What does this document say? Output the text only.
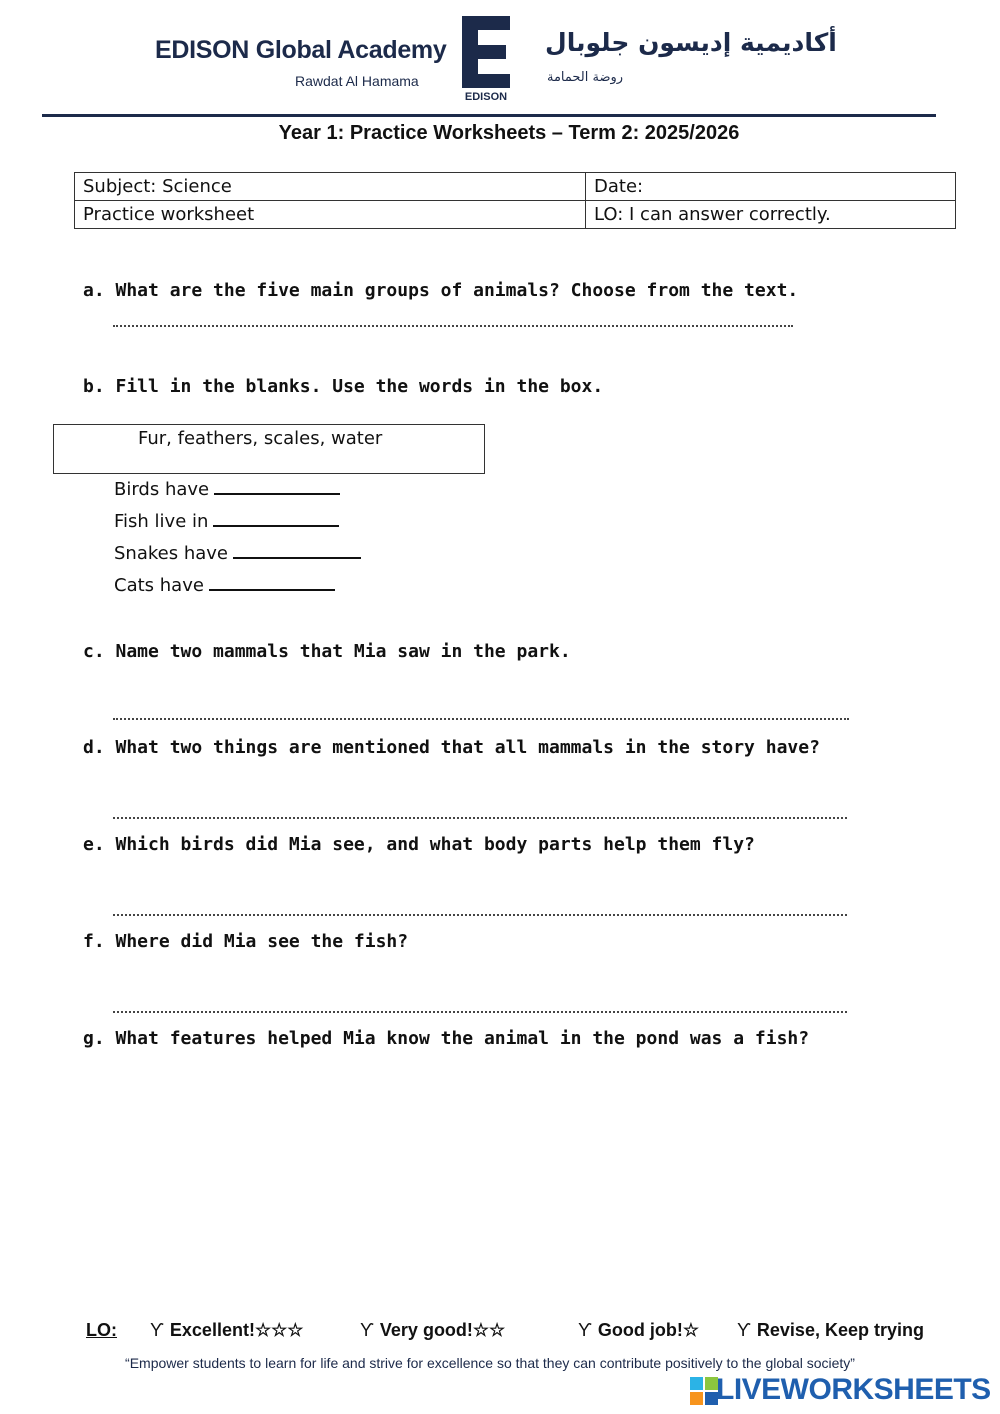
EDISON Global Academy
Rawdat Al Hamama
EDISON
أكاديمية إديسون جلوبال
روضة الحمامة
Year 1: Practice Worksheets – Term 2: 2025/2026
Subject: Science	Date:
Practice worksheet	LO: I can answer correctly.
a. What are the five main groups of animals? Choose from the text.
b. Fill in the blanks. Use the words in the box.
Fur, feathers, scales, water
Birds have
Fish live in
Snakes have
Cats have
c. Name two mammals that Mia saw in the park.
d. What two things are mentioned that all mammals in the story have?
e. Which birds did Mia see, and what body parts help them fly?
f. Where did Mia see the fish?
g. What features helped Mia know the animal in the pond was a fish?
LO: ϒ Excellent!☆☆☆	ϒ Very good!☆☆	ϒ Good job!☆ ϒ Revise, Keep trying
“Empower students to learn for life and strive for excellence so that they can contribute positively to the global society”
LIVEWORKSHEETS
